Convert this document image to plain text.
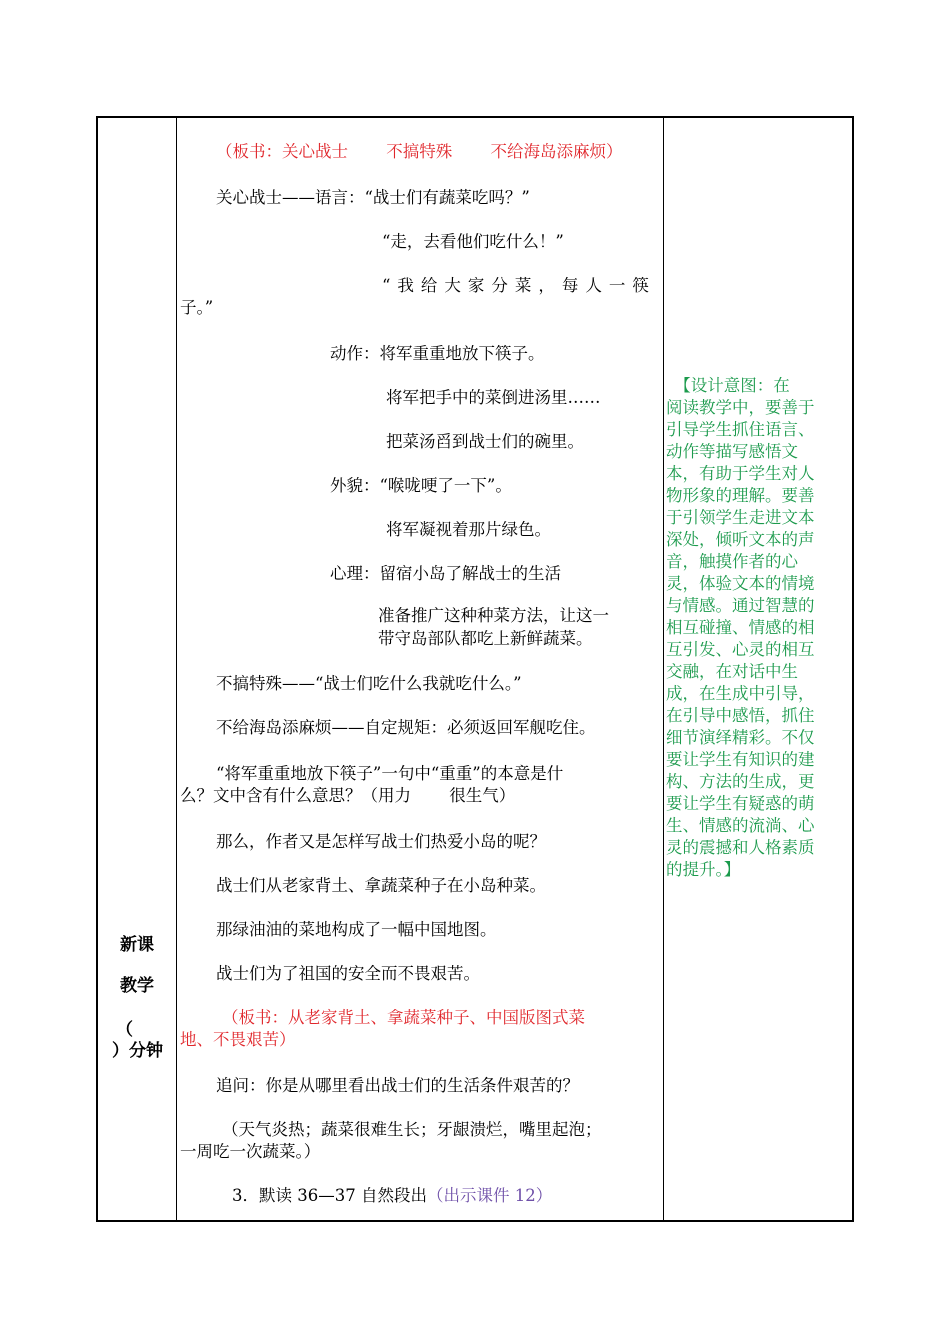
新课
教学
（
）分钟
（板书：关心战士 　　不搞特殊 　　不给海岛添麻烦）
关心战士——语言：“战士们有蔬菜吃吗？”
“走，去看他们吃什么！”
“我给大家分菜，每人一筷
子。”
动作：将军重重地放下筷子。
将军把手中的菜倒进汤里……
把菜汤舀到战士们的碗里。
外貌：“喉咙哽了一下”。
将军凝视着那片绿色。
心理：留宿小岛了解战士的生活
准备推广这种种菜方法，让这一
带守岛部队都吃上新鲜蔬菜。
不搞特殊——“战士们吃什么我就吃什么。”
不给海岛添麻烦——自定规矩：必须返回军舰吃住。
“将军重重地放下筷子”一句中“重重”的本意是什
么？文中含有什么意思？（用力 　　很生气）
那么，作者又是怎样写战士们热爱小岛的呢？
战士们从老家背土、拿蔬菜种子在小岛种菜。
那绿油油的菜地构成了一幅中国地图。
战士们为了祖国的安全而不畏艰苦。
（板书：从老家背土、拿蔬菜种子、中国版图式菜
地、不畏艰苦）
追问：你是从哪里看出战士们的生活条件艰苦的？
（天气炎热；蔬菜很难生长；牙龈溃烂，嘴里起泡；
一周吃一次蔬菜。）
3．默读 36—37 自然段出（出示课件 12）
　【设计意图：在
阅读教学中，要善于
引导学生抓住语言、
动作等描写感悟文
本，有助于学生对人
物形象的理解。要善
于引领学生走进文本
深处，倾听文本的声
音，触摸作者的心
灵，体验文本的情境
与情感。通过智慧的
相互碰撞、情感的相
互引发、心灵的相互
交融，在对话中生
成，在生成中引导，
在引导中感悟，抓住
细节演绎精彩。不仅
要让学生有知识的建
构、方法的生成，更
要让学生有疑惑的萌
生、情感的流淌、心
灵的震撼和人格素质
的提升。】
